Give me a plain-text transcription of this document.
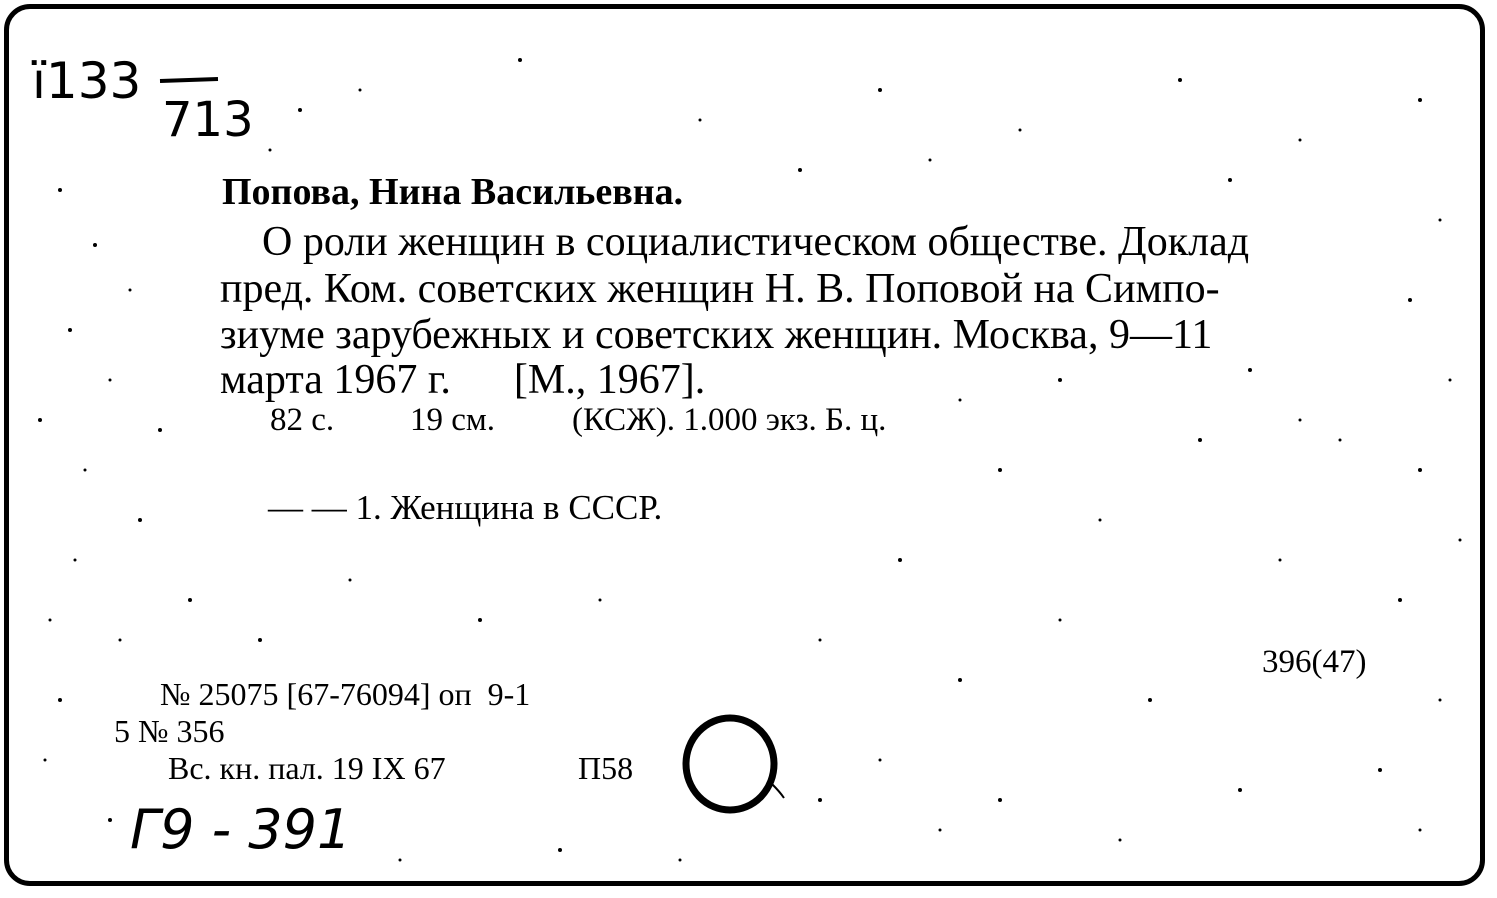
ї133
713
Попова, Нина Васильевна.
О роли женщин в социалистическом обществе. Доклад
пред. Ком. советских женщин Н. В. Поповой на Симпо-
зиуме зарубежных и советских женщин. Москва, 9—11
марта 1967 г.      [М., 1967].
82 с. 19 см. (КСЖ). 1.000 экз. Б. ц.
— — 1. Женщина в СССР.
396(47)
№ 25075 [67-76094] оп  9-1
5 № 356
Вс. кн. пал. 19 IX 67	П58
Г9 - 391
